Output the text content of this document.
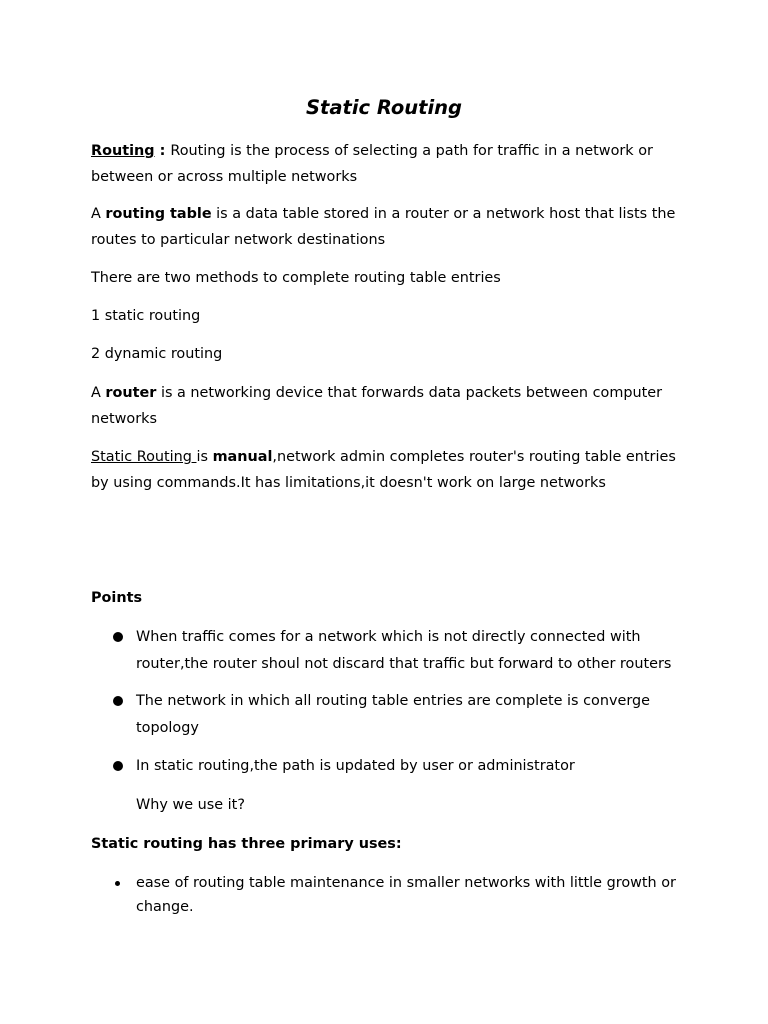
Static Routing

Routing : Routing is the process of selecting a path for traffic in a network or between or across multiple networks

A routing table is a data table stored in a router or a network host that lists the routes to particular network destinations

There are two methods to complete routing table entries

1 static routing

2 dynamic routing

A router is a networking device that forwards data packets between computer networks

Static Routing is manual,network admin completes router's routing table entries by using commands.It has limitations,it doesn't work on large networks

Points

When traffic comes for a network which is not directly connected with router,the router shoul not discard that traffic but forward to other routers
The network in which all routing table entries are complete is converge topology
In static routing,the path is updated by user or administrator

Why we use it?

Static routing has three primary uses:

ease of routing table maintenance in smaller networks with little growth or change.
